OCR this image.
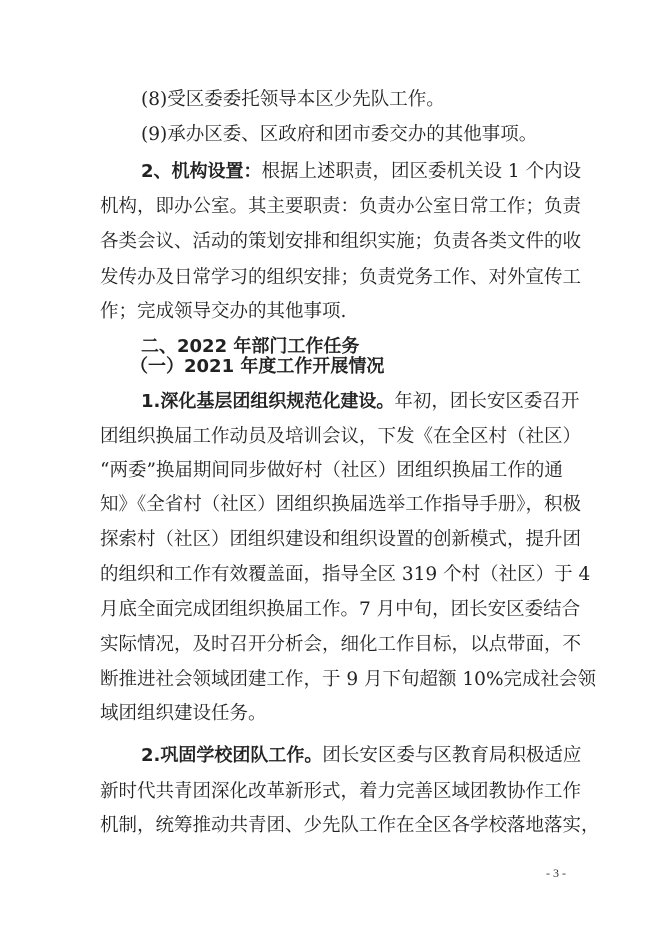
(8)受区委委托领导本区少先队工作。
(9)承办区委、区政府和团市委交办的其他事项。
2、机构设置：根据上述职责，团区委机关设 1 个内设
机构，即办公室。其主要职责：负责办公室日常工作；负责
各类会议、活动的策划安排和组织实施；负责各类文件的收
发传办及日常学习的组织安排；负责党务工作、对外宣传工
作；完成领导交办的其他事项.
二、2022 年部门工作任务
（一）2021 年度工作开展情况
1.深化基层团组织规范化建设。年初，团长安区委召开
团组织换届工作动员及培训会议，下发《在全区村（社区）
“两委”换届期间同步做好村（社区）团组织换届工作的通
知》《全省村（社区）团组织换届选举工作指导手册》，积极
探索村（社区）团组织建设和组织设置的创新模式，提升团
的组织和工作有效覆盖面，指导全区 319 个村（社区）于 4
月底全面完成团组织换届工作。7 月中旬，团长安区委结合
实际情况，及时召开分析会，细化工作目标，以点带面，不
断推进社会领域团建工作，于 9 月下旬超额 10%完成社会领
域团组织建设任务。
2.巩固学校团队工作。团长安区委与区教育局积极适应
新时代共青团深化改革新形式，着力完善区域团教协作工作
机制，统筹推动共青团、少先队工作在全区各学校落地落实，
- 3 -
